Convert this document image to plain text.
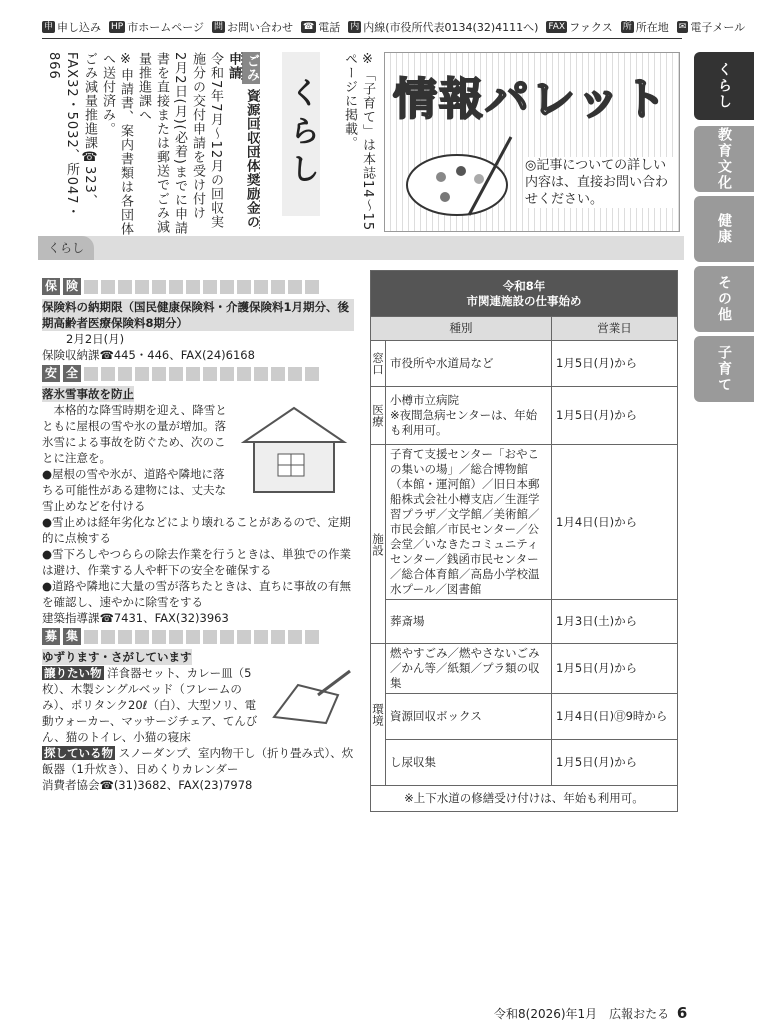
申 申し込み HP 市ホームページ 問 お問い合わせ ☎ 電話 内 内線(市役所代表0134(32)4111へ) FAX ファクス 所 所在地 ✉ 電子メール
ごみ 資源回収団体奨励金の申請
令和7年7月～12月の回収実施分の交付申請を受け付け
2月2日(月)(必着)までに申請書を直接または郵送でごみ減量推進課へ
※申請書、案内書類は各団体へ送付済み。
ごみ減量推進課☎323、FAX32・5032、所047・866
くらし	※「子育て」は本誌14～15ページに掲載。 情報パレット
◎記事についての詳しい内容は、直接お問い合わせください。
くらし
教育文化
健康
その他
子育て
くらし
保 険
保険料の納期限（国民健康保険料・介護保険料1月期分、後期高齢者医療保険料8期分）
2月2日(月)
保険収納課☎445・446、FAX(24)6168
安 全
落氷雪事故を防止
本格的な降雪時期を迎え、降雪とともに屋根の雪や氷の量が増加。落氷雪による事故を防ぐため、次のことに注意を。
●屋根の雪や氷が、道路や隣地に落ちる可能性がある建物には、丈夫な雪止めなどを付ける
●雪止めは経年劣化などにより壊れることがあるので、定期的に点検する
●雪下ろしやつららの除去作業を行うときは、単独での作業は避け、作業する人や軒下の安全を確保する
●道路や隣地に大量の雪が落ちたときは、直ちに事故の有無を確認し、速やかに除雪をする
建築指導課☎7431、FAX(32)3963
募 集
ゆずります・さがしています
譲りたい物 洋食器セット、カレー皿（5枚）、木製シングルベッド（フレームのみ）、ポリタンク20ℓ（白）、大型ソリ、電動ウォーカー、マッサージチェア、てんびん、猫のトイレ、小猫の寝床
探している物 スノーダンプ、室内物干し（折り畳み式）、炊飯器（1升炊き）、日めくりカレンダー
消費者協会☎(31)3682、FAX(23)7978
令和8年
市関連施設の仕事始め		
種別		営業日
窓口	市役所や水道局など	1月5日(月)から
医療	小樽市立病院
※夜間急病センターは、年始も利用可。	1月5日(月)から
施設	子育て支援センター「おやこの集いの場」／総合博物館（本館・運河館）／旧日本郵船株式会社小樽支店／生涯学習プラザ／文学館／美術館／市民会館／市民センター／公会堂／いなきたコミュニティセンター／銭函市民センター／総合体育館／高島小学校温水プール／図書館	1月4日(日)から
	葬斎場	1月3日(土)から
環境	燃やすごみ／燃やさないごみ／かん等／紙類／プラ類の収集	1月5日(月)から
	資源回収ボックス	1月4日(日)㊐9時から
	し尿収集	1月5日(月)から
※上下水道の修繕受け付けは、年始も利用可。		
令和8(2026)年1月　広報おたる 6
